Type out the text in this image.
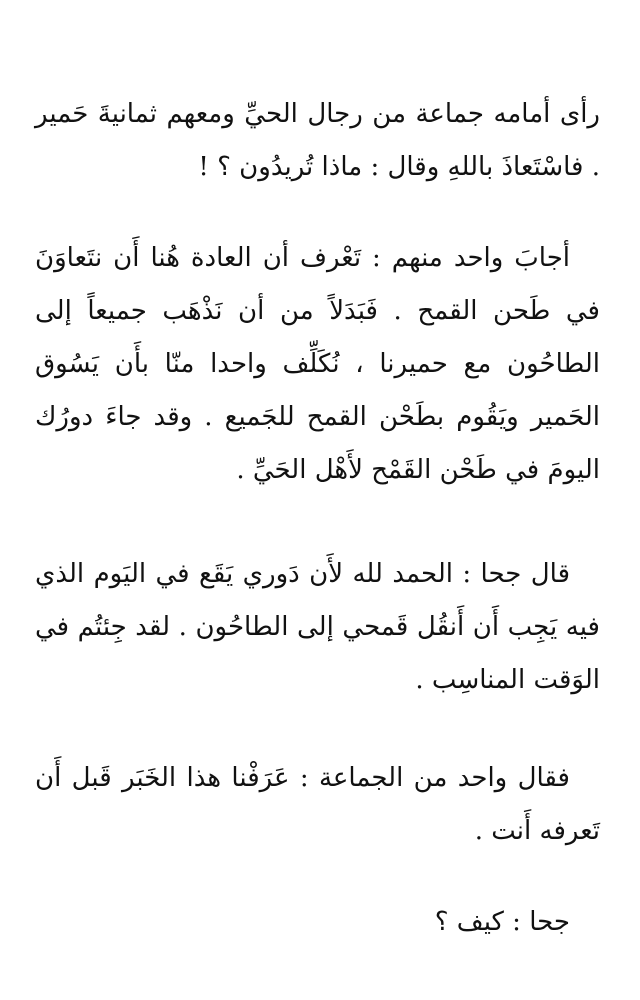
رأى أمامه جماعة من رجال الحيِّ ومعهم ثمانيةَ حَمير . فاسْتَعاذَ باللهِ وقال : ماذا تُريدُون ؟ !

أجابَ واحد منهم : تَعْرف أن العادة هُنا أَن نتَعاوَنَ في طَحن القمح . فَبَدَلاً من أن نَذْهَب جميعاً إلى الطاحُون مع حميرنا ، نُكَلِّف واحدا منّا بأَن يَسُوق الحَمير ويَقُوم بطَحْن القمح للجَميع . وقد جاءَ دورُك اليومَ في طَحْن القَمْح لأَهْل الحَيِّ .

قال جحا : الحمد لله لأَن دَوري يَقَع في اليَوم الذي فيه يَجِب أَن أَنقُل قَمحي إلى الطاحُون . لقد جِئتُم في الوَقت المناسِب .

فقال واحد من الجماعة : عَرَفْنا هذا الخَبَر قَبل أَن تَعرفه أَنت .

جحا : كيف ؟
